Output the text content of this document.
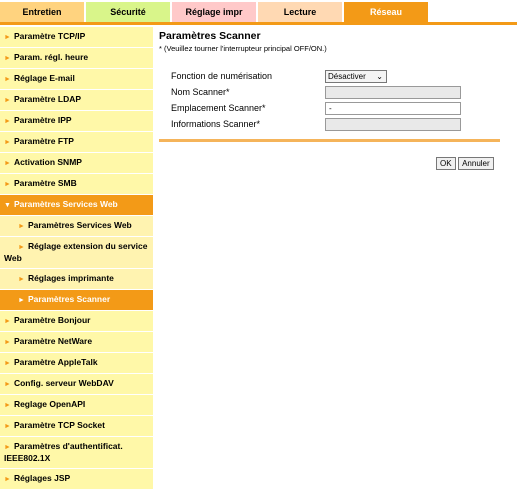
Entretien	Sécurité	Réglage impr	Lecture	Réseau
► Paramètre TCP/IP
► Param. régl. heure
► Réglage E-mail
► Paramètre LDAP
► Paramètre IPP
► Paramètre FTP
► Activation SNMP
► Paramètre SMB
▼ Paramètres Services Web
► Paramètres Services Web
► Réglage extension du service Web
► Réglages imprimante
► Paramètres Scanner
► Paramètre Bonjour
► Paramètre NetWare
► Paramètre AppleTalk
► Config. serveur WebDAV
► Reglage OpenAPI
► Paramètre TCP Socket
► Paramètres d'authentificat. IEEE802.1X
► Réglages JSP
Paramètres Scanner
* (Veuillez tourner l'interrupteur principal OFF/ON.)
Fonction de numérisation	Désactiver ⌄
Nom Scanner*
Emplacement Scanner*	-
Informations Scanner*
OK Annuler
